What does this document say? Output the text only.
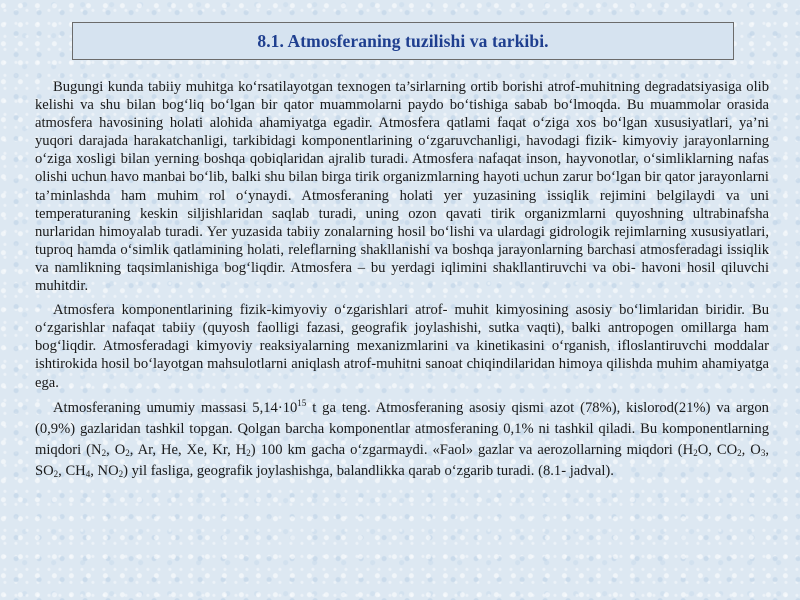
8.1. Atmosferaning tuzilishi va tarkibi.

Bugungi kunda tabiiy muhitga ko‘rsatilayotgan texnogen ta’sirlarning ortib borishi atrof-muhitning degradatsiyasiga olib kelishi va shu bilan bog‘liq bo‘lgan bir qator muammolarni paydo bo‘tishiga sabab bo‘lmoqda. Bu muammolar orasida atmosfera havosining holati alohida ahamiyatga egadir. Atmosfera qatlami faqat o‘ziga xos bo‘lgan xususiyatlari, ya’ni yuqori darajada harakatchanligi, tarkibidagi komponentlarining o‘zgaruvchanligi, havodagi fizik- kimyoviy jarayonlarning o‘ziga xosligi bilan yerning boshqa qobiqlaridan ajralib turadi. Atmosfera nafaqat inson, hayvonotlar, o‘simliklarning nafas olishi uchun havo manbai bo‘lib, balki shu bilan birga tirik organizmlarning hayoti uchun zarur bo‘lgan bir qator jarayonlarni ta’minlashda ham muhim rol o‘ynaydi. Atmosferaning holati yer yuzasining issiqlik rejimini belgilaydi va uni temperaturaning keskin siljishlaridan saqlab turadi, uning ozon qavati tirik organizmlarni quyoshning ultrabinafsha nurlaridan himoyalab turadi. Yer yuzasida tabiiy zonalarning hosil bo‘lishi va ulardagi gidrologik rejimlarning xususiyatlari, tuproq hamda o‘simlik qatlamining holati, releflarning shakllanishi va boshqa jarayonlarning barchasi atmosferadagi issiqlik va namlikning taqsimlanishiga bog‘liqdir. Atmosfera – bu yerdagi iqlimini shakllantiruvchi va obi- havoni hosil qiluvchi muhitdir.

Atmosfera komponentlarining fizik-kimyoviy o‘zgarishlari atrof- muhit kimyosining asosiy bo‘limlaridan biridir. Bu o‘zgarishlar nafaqat tabiiy (quyosh faolligi fazasi, geografik joylashishi, sutka vaqti), balki antropogen omillarga ham bog‘liqdir. Atmosferadagi kimyoviy reaksiyalarning mexanizmlarini va kinetikasini o‘rganish, ifloslantiruvchi moddalar ishtirokida hosil bo‘layotgan mahsulotlarni aniqlash atrof-muhitni sanoat chiqindilaridan himoya qilishda muhim ahamiyatga ega.

Atmosferaning umumiy massasi $5,14\cdot 10^{15}$ t ga teng. Atmosferaning asosiy qismi azot (78%), kislorod(21%) va argon (0,9%) gazlaridan tashkil topgan. Qolgan barcha komponentlar atmosferaning 0,1% ni tashkil qiladi. Bu komponentlarning miqdori ($N_2$, $O_2$, Ar, He, Xe, Kr, $H_2$) 100 km gacha o‘zgarmaydi. «Faol» gazlar va aerozollarning miqdori ($H_2O$, $CO_2$, $O_3$, $SO_2$, $CH_4$, $NO_2$) yil fasliga, geografik joylashishga, balandlikka qarab o‘zgarib turadi. (8.1- jadval).
